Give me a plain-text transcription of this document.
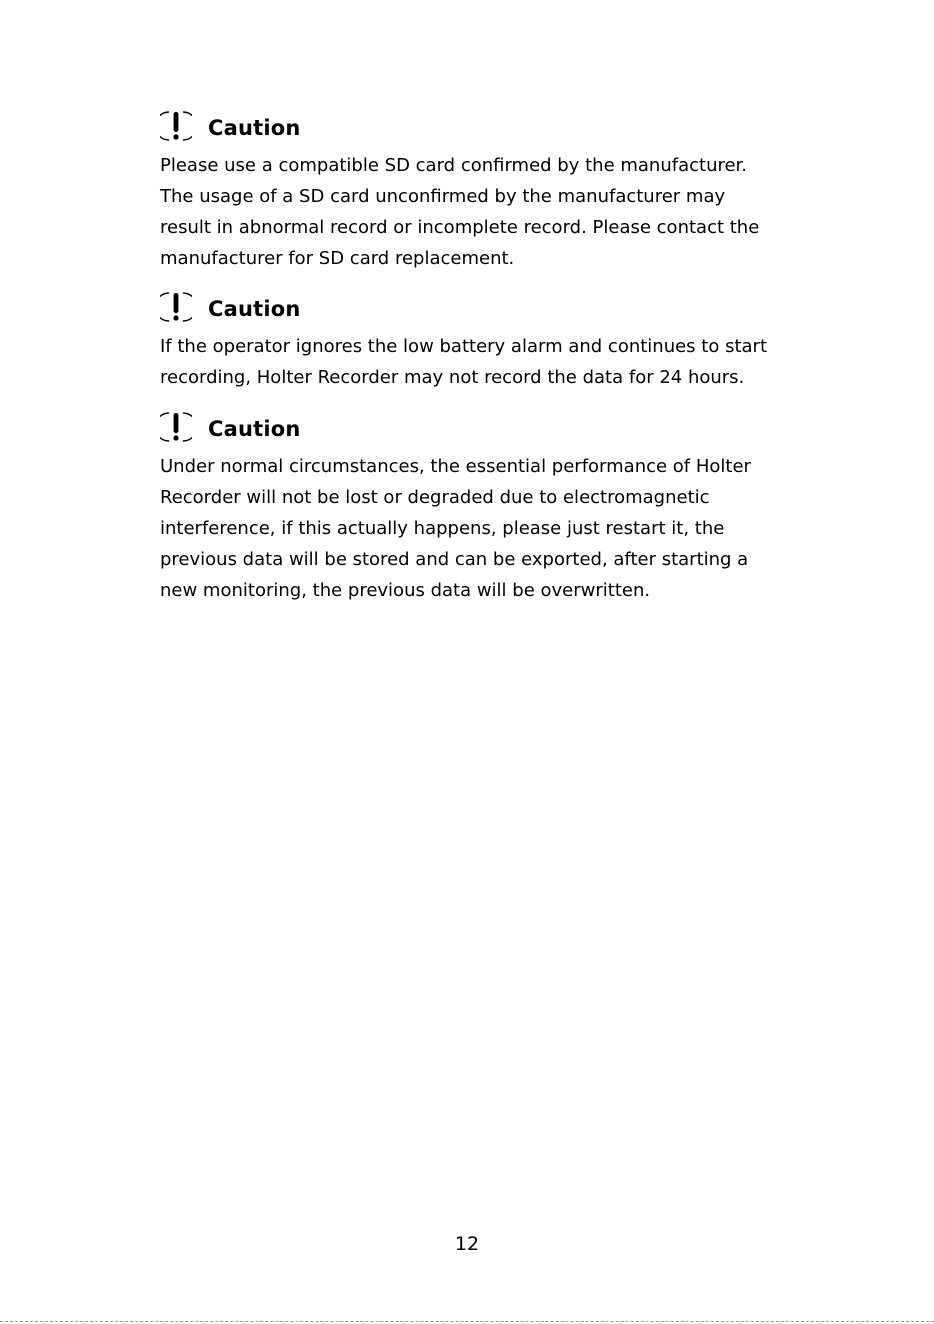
Caution
Please use a compatible SD card confirmed by the manufacturer.
The usage of a SD card unconfirmed by the manufacturer may
result in abnormal record or incomplete record. Please contact the
manufacturer for SD card replacement.
Caution
If the operator ignores the low battery alarm and continues to start
recording, Holter Recorder may not record the data for 24 hours.
Caution
Under normal circumstances, the essential performance of Holter
Recorder will not be lost or degraded due to electromagnetic
interference, if this actually happens, please just restart it, the
previous data will be stored and can be exported, after starting a
new monitoring, the previous data will be overwritten.
12
